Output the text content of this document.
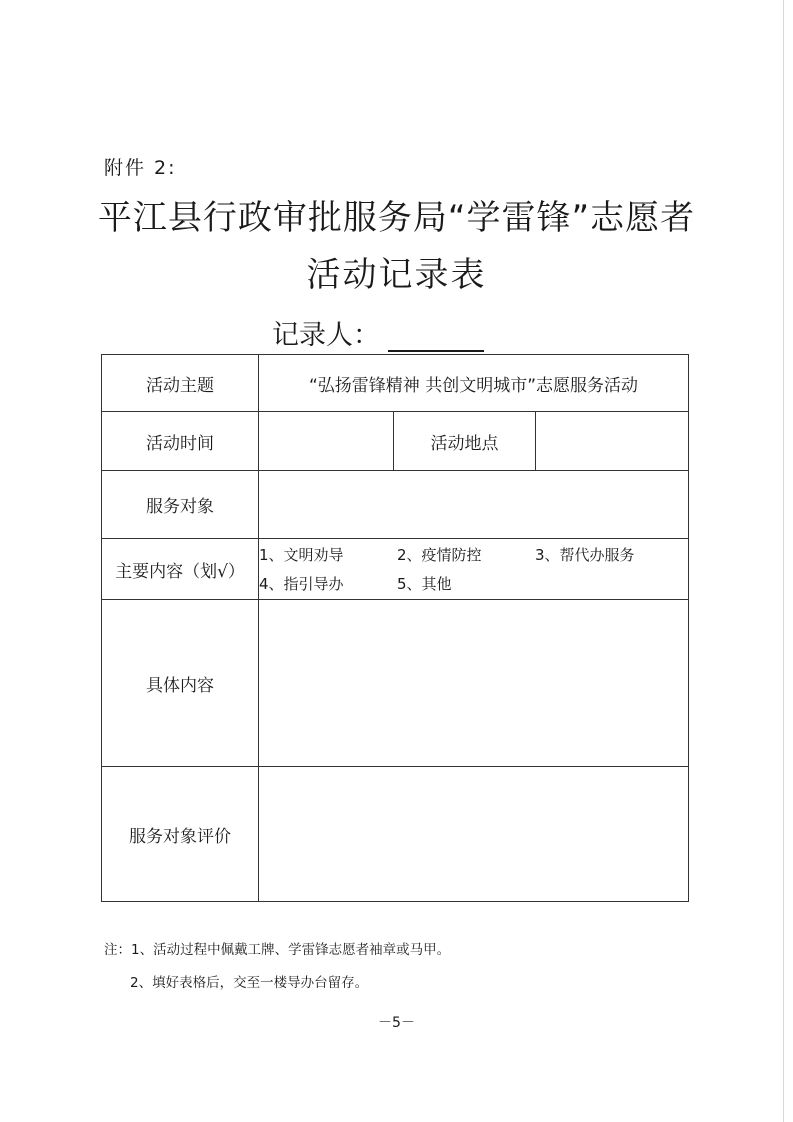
附件 2:
平江县行政审批服务局“学雷锋”志愿者
活动记录表
记录人：
活动主题	“弘扬雷锋精神 共创文明城市”志愿服务活动		
活动时间		活动地点	
服务对象			
主要内容（划√）	1、文明劝导 2、疫情防控 3、帮代办服务
4、指引导办 5、其他		

具体内容			
服务对象评价			
注：1、活动过程中佩戴工牌、学雷锋志愿者袖章或马甲。
2、填好表格后，交至一楼导办台留存。
－5－
